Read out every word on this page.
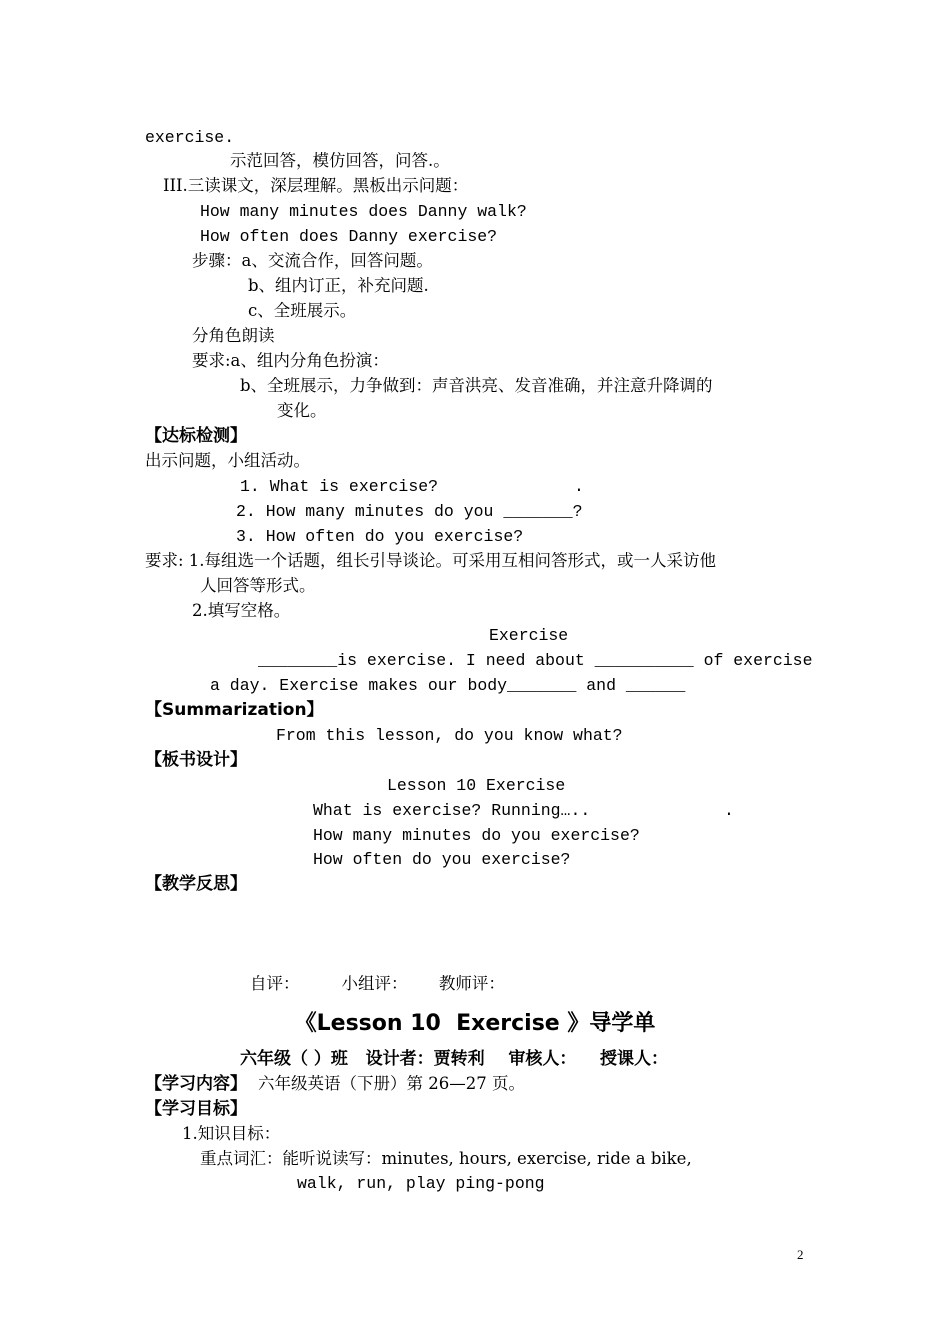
exercise.
示范回答，模仿回答，问答.。
III.三读课文，深层理解。黑板出示问题：
How many minutes does Danny walk?
How often does Danny exercise?
步骤：a、交流合作，回答问题。
b、组内订正，补充问题.
c、全班展示。
分角色朗读
要求:a、组内分角色扮演：
b、全班展示，力争做到：声音洪亮、发音准确，并注意升降调的
变化。
【达标检测】
出示问题，小组活动。
1. What is exercise?	.
2. How many minutes do you _______?
3. How often do you exercise?
要求: 1.每组选一个话题，组长引导谈论。可采用互相问答形式，或一人采访他
人回答等形式。
2.填写空格。
Exercise
________is exercise. I need about __________ of exercise
a day. Exercise makes our body_______ and ______
【Summarization】
From this lesson, do you know what?
【板书设计】
Lesson 10 Exercise
What is exercise? Running…..	.
How many minutes do you exercise?
How often do you exercise?
【教学反思】
自评：        小组评：      教师评：
《Lesson 10  Exercise 》导学单
六年级（ ）班   设计者：贾转利    审核人：    授课人：
【学习内容】 六年级英语（下册）第 26—27 页。
【学习目标】
1.知识目标：
重点词汇：能听说读写：minutes, hours, exercise, ride a bike,
walk, run, play ping-pong
2
